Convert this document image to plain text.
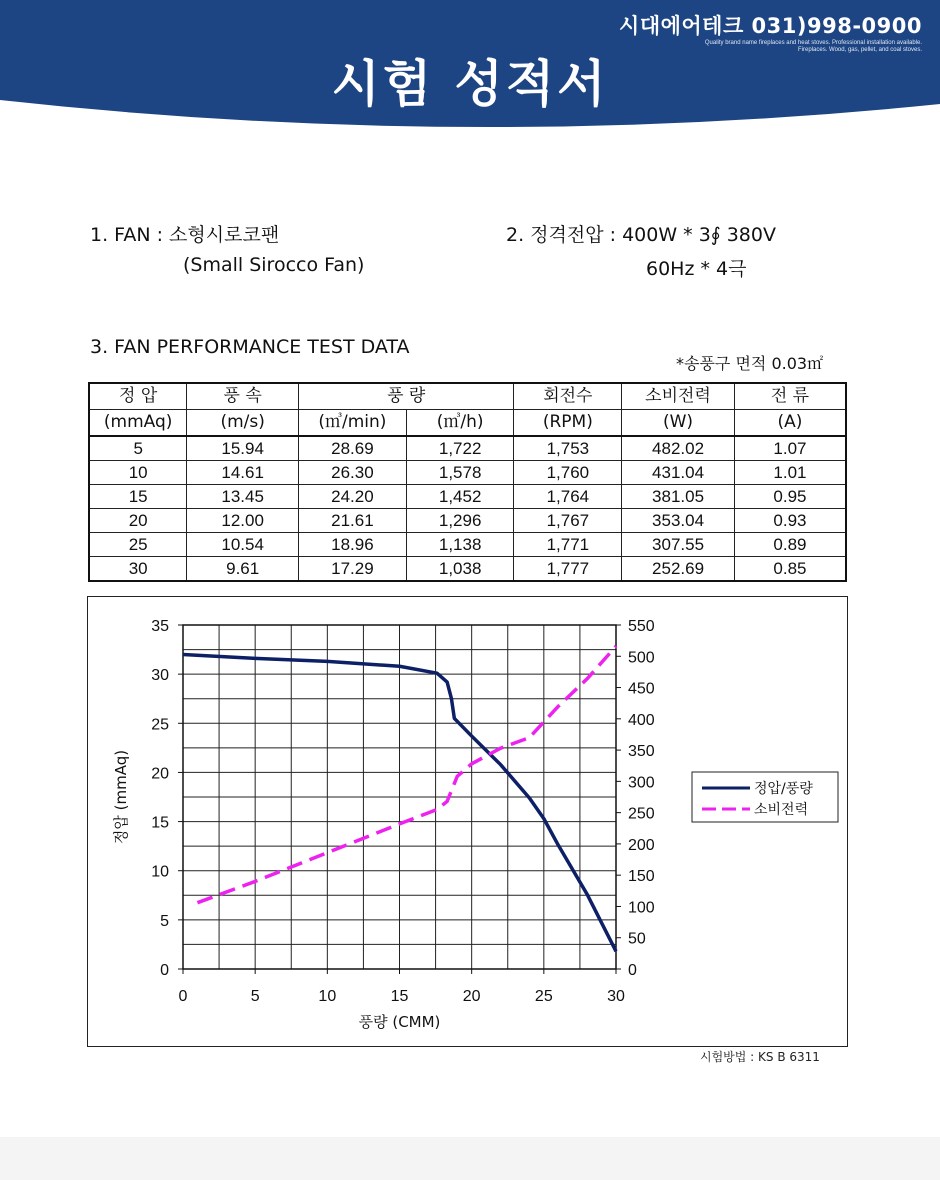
시대에어테크 031)998-0900
Quality brand name fireplaces and heat stoves. Professional installation available.
Fireplaces. Wood, gas, pellet, and coal stoves.
시험 성적서
1. FAN : 소형시로코팬
(Small Sirocco Fan)
2. 정격전압 : 400W * 3∮ 380V
60Hz * 4극
3. FAN PERFORMANCE TEST DATA
*송풍구 면적 0.03㎡
정 압	풍 속	풍 량		회전수	소비전력	전 류
(mmAq)	(m/s)	(㎥/min)	(㎥/h)	(RPM)	(W)	(A)
5	15.94	28.69	1,722	1,753	482.02	1.07
10	14.61	26.30	1,578	1,760	431.04	1.01
15	13.45	24.20	1,452	1,764	381.05	0.95
20	12.00	21.61	1,296	1,767	353.04	0.93
25	10.54	18.96	1,138	1,771	307.55	0.89
30	9.61	17.29	1,038	1,777	252.69	0.85
0	5	10	15	20	25	30
0
5
10
15
20
25
30
35
0
50
100
150
200
250
300
350
400
450
500
550
풍량 (CMM)
정압 (mmAq)	정압/풍량
소비전력
시험방법 : KS B 6311
